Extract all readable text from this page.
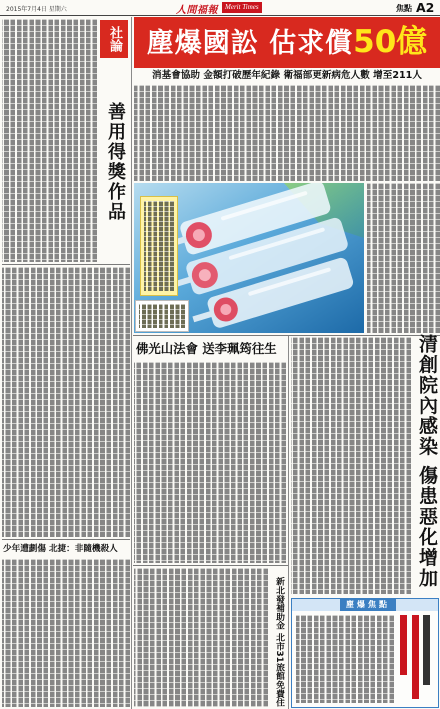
2015年7月4日 星期六	人間福報	Merit Times	焦點 A2
社論
善用得獎作品
少年遭劃傷 北捷：非隨機殺人
塵爆國訟 估求償50億
消基會協助 金額打破歷年紀錄 衛福部更新病危人數 增至211人
佛光山法會 送李珮筠往生
新北發補助金 北市31旅館免費住
清創院內感染 傷患惡化增加
塵爆焦點
